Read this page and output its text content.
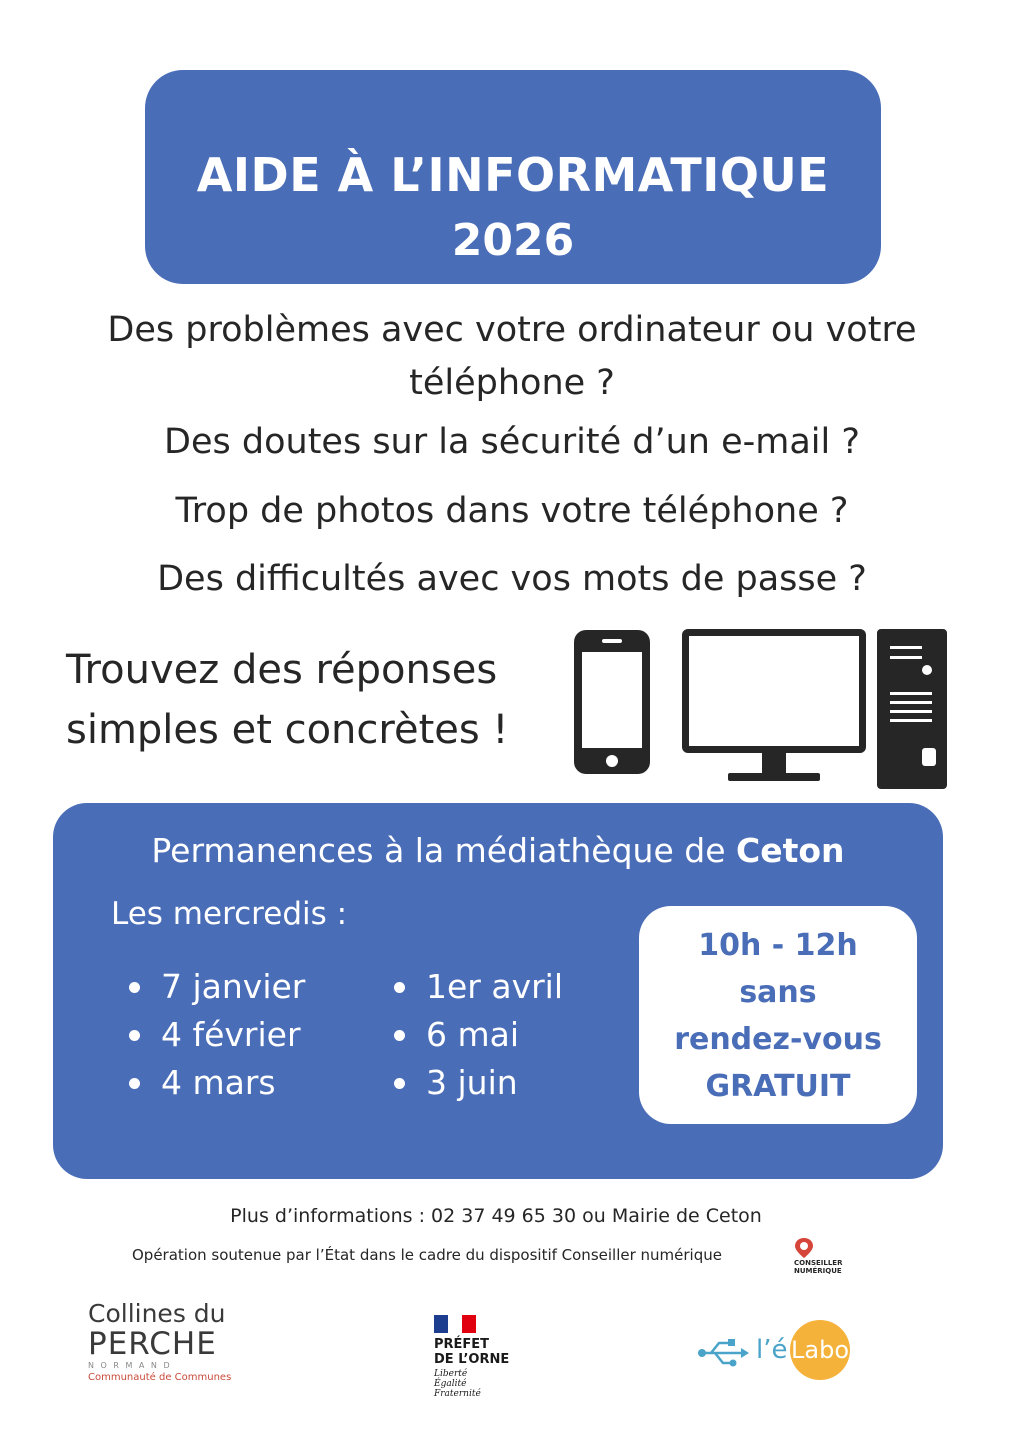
AIDE À L’INFORMATIQUE
2026
Des problèmes avec votre ordinateur ou votre
téléphone ?
Des doutes sur la sécurité d’un e-mail ?
Trop de photos dans votre téléphone ?
Des difficultés avec vos mots de passe ?
Trouvez des réponses
simples et concrètes !
Permanences à la médiathèque de Ceton
Les mercredis :
7 janvier
4 février
4 mars
1er avril
6 mai
3 juin
10h - 12h
sans
rendez-vous
GRATUIT
Plus d’informations : 02 37 49 65 30 ou Mairie de Ceton
Opération soutenue par l’État dans le cadre du dispositif Conseiller numérique	CONSEILLER
NUMÉRIQUE
Collines du
PERCHE
N O R M A N D
Communauté de Communes
PRÉFET
DE L’ORNE
Liberté
Égalité
Fraternité
l’é Labo
